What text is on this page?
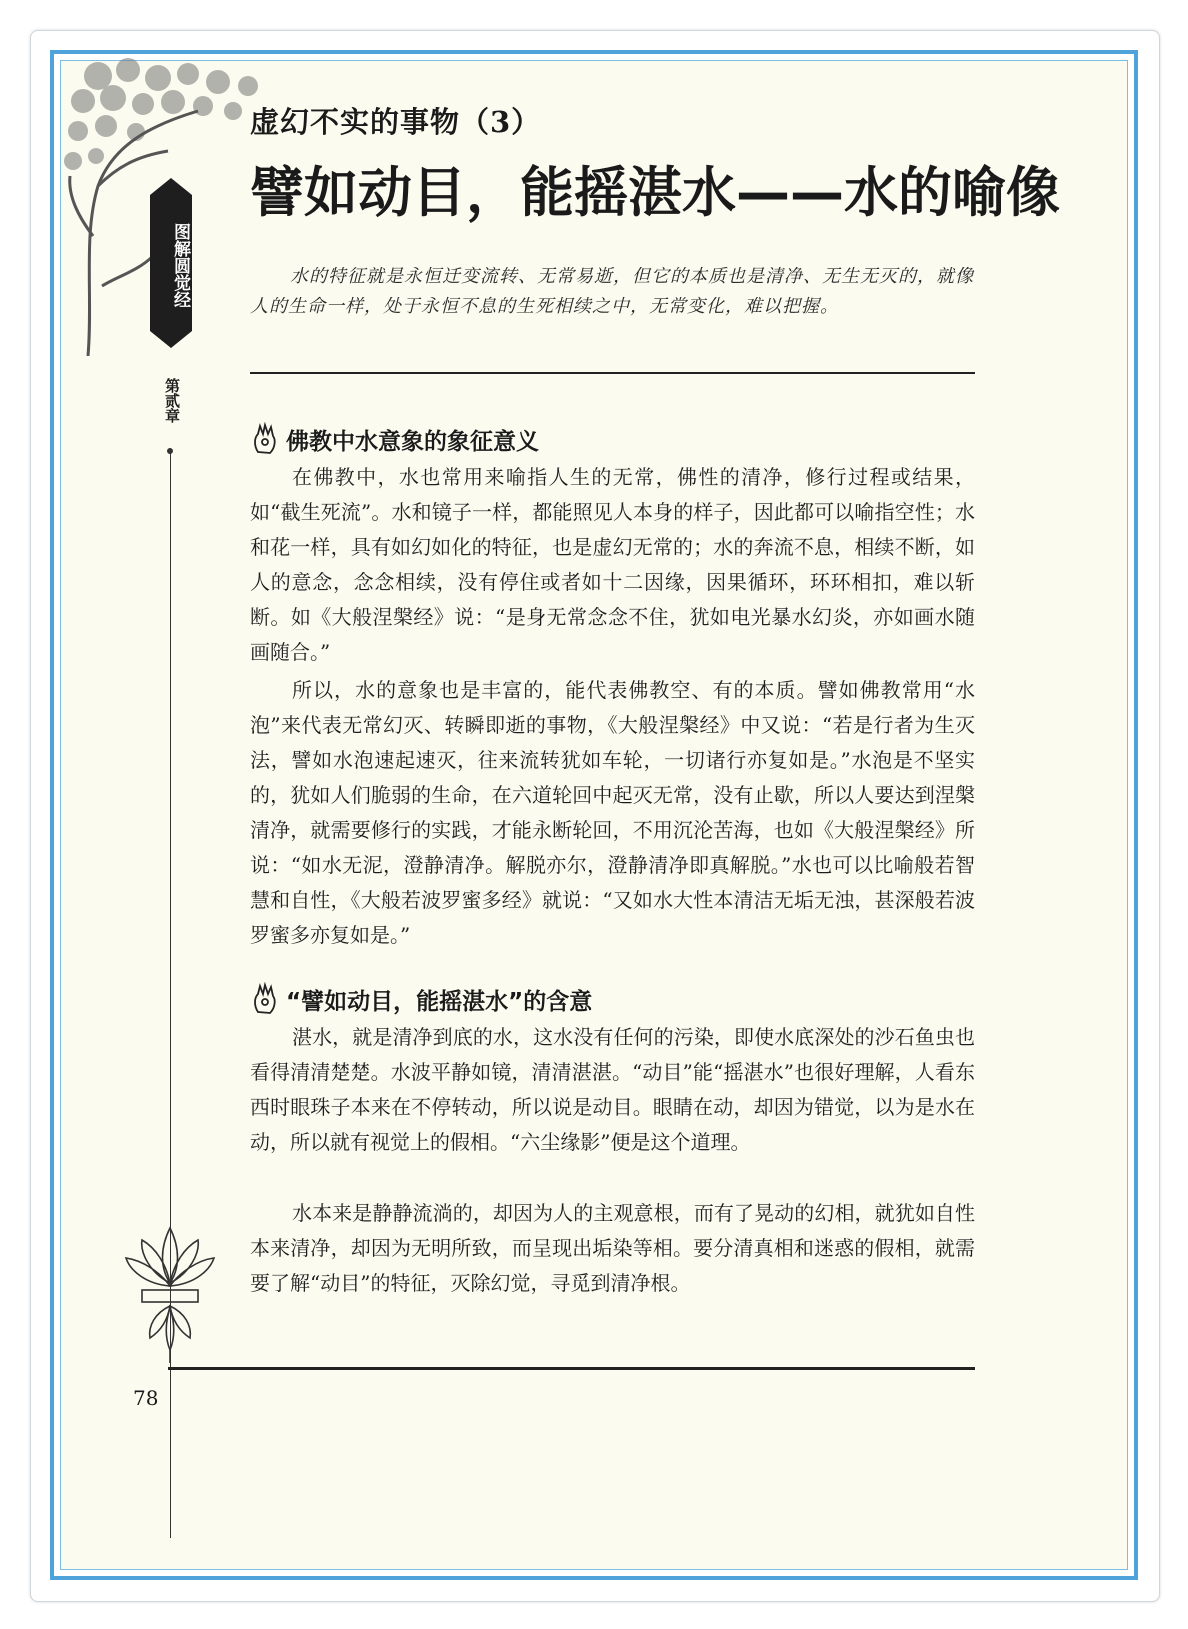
图解圆觉经
第贰章
虚幻不实的事物（3）
譬如动目，能摇湛水——水的喻像
水的特征就是永恒迁变流转、无常易逝，但它的本质也是清净、无生无灭的，就像人的生命一样，处于永恒不息的生死相续之中，无常变化，难以把握。
佛教中水意象的象征意义
在佛教中，水也常用来喻指人生的无常，佛性的清净，修行过程或结果，如“截生死流”。水和镜子一样，都能照见人本身的样子，因此都可以喻指空性；水和花一样，具有如幻如化的特征，也是虚幻无常的；水的奔流不息，相续不断，如人的意念，念念相续，没有停住或者如十二因缘，因果循环，环环相扣，难以斩断。如《大般涅槃经》说：“是身无常念念不住，犹如电光暴水幻炎，亦如画水随画随合。”
所以，水的意象也是丰富的，能代表佛教空、有的本质。譬如佛教常用“水泡”来代表无常幻灭、转瞬即逝的事物，《大般涅槃经》中又说：“若是行者为生灭法，譬如水泡速起速灭，往来流转犹如车轮，一切诸行亦复如是。”水泡是不坚实的，犹如人们脆弱的生命，在六道轮回中起灭无常，没有止歇，所以人要达到涅槃清净，就需要修行的实践，才能永断轮回，不用沉沦苦海，也如《大般涅槃经》所说：“如水无泥，澄静清净。解脱亦尔，澄静清净即真解脱。”水也可以比喻般若智慧和自性，《大般若波罗蜜多经》就说：“又如水大性本清洁无垢无浊，甚深般若波罗蜜多亦复如是。”
“譬如动目，能摇湛水”的含意
湛水，就是清净到底的水，这水没有任何的污染，即使水底深处的沙石鱼虫也看得清清楚楚。水波平静如镜，清清湛湛。“动目”能“摇湛水”也很好理解，人看东西时眼珠子本来在不停转动，所以说是动目。眼睛在动，却因为错觉，以为是水在动，所以就有视觉上的假相。“六尘缘影”便是这个道理。
水本来是静静流淌的，却因为人的主观意根，而有了晃动的幻相，就犹如自性本来清净，却因为无明所致，而呈现出垢染等相。要分清真相和迷惑的假相，就需要了解“动目”的特征，灭除幻觉，寻觅到清净根。
78
